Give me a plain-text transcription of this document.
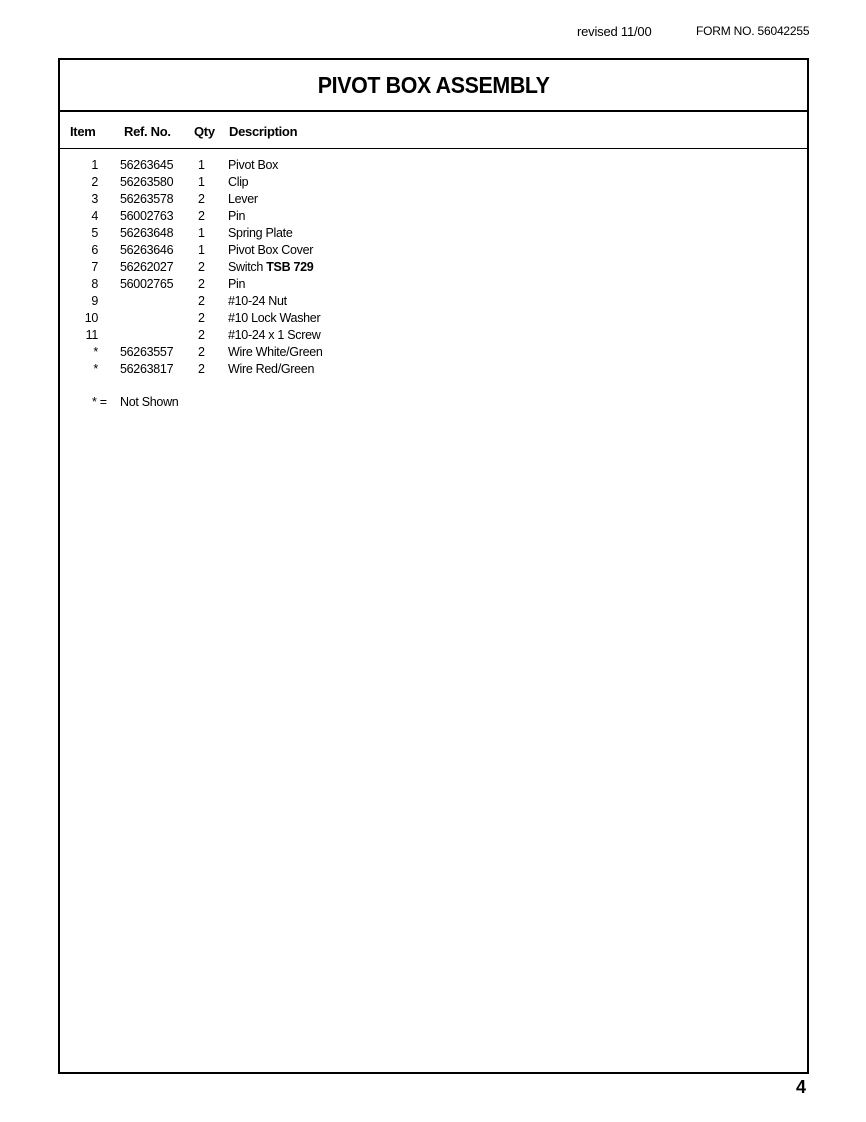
revised 11/00	FORM NO. 56042255
PIVOT BOX ASSEMBLY
Item Ref. No. Qty Description
1 56263645 1 Pivot Box
2 56263580 1 Clip
3 56263578 2 Lever
4 56002763 2 Pin
5 56263648 1 Spring Plate
6 56263646 1 Pivot Box Cover
7 56262027 2 Switch TSB 729
8 56002765 2 Pin
9	2 #10-24 Nut
10	2 #10 Lock Washer
11	2 #10-24 x 1 Screw
* 56263557 2 Wire White/Green
* 56263817 2 Wire Red/Green
* = Not Shown
4
